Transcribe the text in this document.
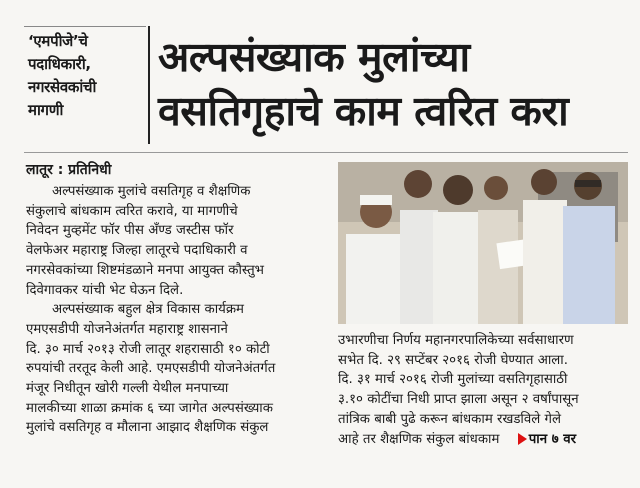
‘एमपीजे’चे
पदाधिकारी,
नगरसेवकांची
मागणी
अल्पसंख्याक मुलांच्या
वसतिगृहाचे काम त्वरित करा
लातूर : प्रतिनिधी

अल्पसंख्याक मुलांचे वसतिगृह व शैक्षणिक
संकुलाचे बांधकाम त्वरित करावे, या मागणीचे
निवेदन मुव्हमेंट फॉर पीस अँण्ड जस्टीस फॉर
वेलफेअर महाराष्ट्र जिल्हा लातूरचे पदाधिकारी व
नगरसेवकांच्या शिष्टमंडळाने मनपा आयुक्त कौस्तुभ
दिवेगावकर यांची भेट घेऊन दिले.

अल्पसंख्याक बहुल क्षेत्र विकास कार्यक्रम
एमएसडीपी योजनेअंतर्गत महाराष्ट्र शासनाने
दि. ३० मार्च २०१३ रोजी लातूर शहरासाठी १० कोटी
रुपयांची तरतूद केली आहे. एमएसडीपी योजनेअंतर्गत
मंजूर निधीतून खोरी गल्ली येथील मनपाच्या
मालकीच्या शाळा क्रमांक ६ च्या जागेत अल्पसंख्याक
मुलांचे वसतिगृह व मौलाना आझाद शैक्षणिक संकुल

उभारणीचा निर्णय महानगरपालिकेच्या सर्वसाधारण
सभेत दि. २९ सप्टेंबर २०१६ रोजी घेण्यात आला.
दि. ३१ मार्च २०१६ रोजी मुलांच्या वसतिगृहासाठी
३.१० कोटींचा निधी प्राप्त झाला असून २ वर्षांपासून
तांत्रिक बाबी पुढे करून बांधकाम रखडविले गेले
आहे तर शैक्षणिक संकुल बांधकाम पान ७ वर
